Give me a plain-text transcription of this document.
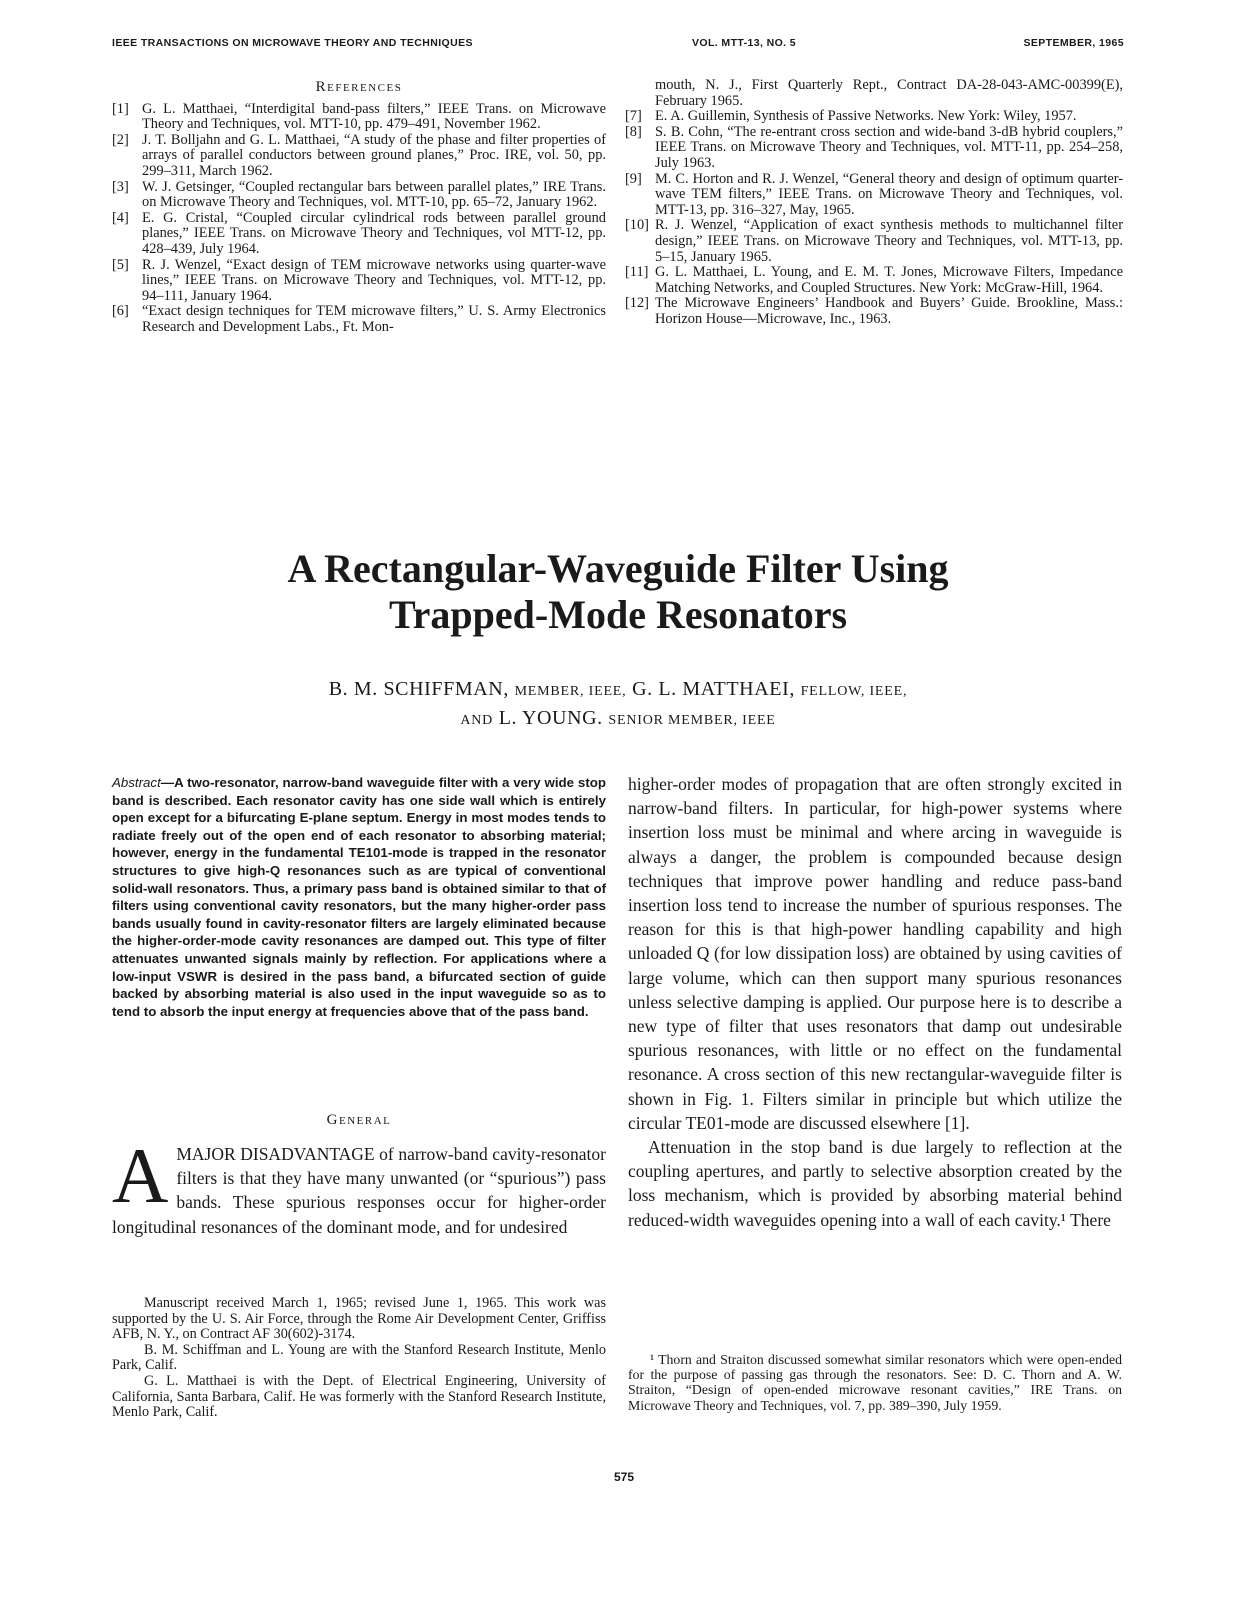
IEEE TRANSACTIONS ON MICROWAVE THEORY AND TECHNIQUES	VOL. MTT-13, NO. 5	SEPTEMBER, 1965
References
[1] G. L. Matthaei, “Interdigital band-pass filters,” IEEE Trans. on Microwave Theory and Techniques, vol. MTT-10, pp. 479–491, November 1962.
[2] J. T. Bolljahn and G. L. Matthaei, “A study of the phase and filter properties of arrays of parallel conductors between ground planes,” Proc. IRE, vol. 50, pp. 299–311, March 1962.
[3] W. J. Getsinger, “Coupled rectangular bars between parallel plates,” IRE Trans. on Microwave Theory and Techniques, vol. MTT-10, pp. 65–72, January 1962.
[4] E. G. Cristal, “Coupled circular cylindrical rods between parallel ground planes,” IEEE Trans. on Microwave Theory and Techniques, vol MTT-12, pp. 428–439, July 1964.
[5] R. J. Wenzel, “Exact design of TEM microwave networks using quarter-wave lines,” IEEE Trans. on Microwave Theory and Techniques, vol. MTT-12, pp. 94–111, January 1964.
[6] “Exact design techniques for TEM microwave filters,” U. S. Army Electronics Research and Development Labs., Ft. Mon-
mouth, N. J., First Quarterly Rept., Contract DA-28-043-AMC-00399(E), February 1965.
[7] E. A. Guillemin, Synthesis of Passive Networks. New York: Wiley, 1957.
[8] S. B. Cohn, “The re-entrant cross section and wide-band 3-dB hybrid couplers,” IEEE Trans. on Microwave Theory and Techniques, vol. MTT-11, pp. 254–258, July 1963.
[9] M. C. Horton and R. J. Wenzel, “General theory and design of optimum quarter-wave TEM filters,” IEEE Trans. on Microwave Theory and Techniques, vol. MTT-13, pp. 316–327, May, 1965.
[10] R. J. Wenzel, “Application of exact synthesis methods to multichannel filter design,” IEEE Trans. on Microwave Theory and Techniques, vol. MTT-13, pp. 5–15, January 1965.
[11] G. L. Matthaei, L. Young, and E. M. T. Jones, Microwave Filters, Impedance Matching Networks, and Coupled Structures. New York: McGraw-Hill, 1964.
[12] The Microwave Engineers’ Handbook and Buyers’ Guide. Brookline, Mass.: Horizon House—Microwave, Inc., 1963.
A Rectangular-Waveguide Filter Using
Trapped-Mode Resonators
B. M. SCHIFFMAN, MEMBER, IEEE, G. L. MATTHAEI, FELLOW, IEEE,
AND L. YOUNG. SENIOR MEMBER, IEEE
Abstract—A two-resonator, narrow-band waveguide filter with a very wide stop band is described. Each resonator cavity has one side wall which is entirely open except for a bifurcating E-plane septum. Energy in most modes tends to radiate freely out of the open end of each resonator to absorbing material; however, energy in the fundamental TE101-mode is trapped in the resonator structures to give high-Q resonances such as are typical of conventional solid-wall resonators. Thus, a primary pass band is obtained similar to that of filters using conventional cavity resonators, but the many higher-order pass bands usually found in cavity-resonator filters are largely eliminated because the higher-order-mode cavity resonances are damped out. This type of filter attenuates unwanted signals mainly by reflection. For applications where a low-input VSWR is desired in the pass band, a bifurcated section of guide backed by absorbing material is also used in the input waveguide so as to tend to absorb the input energy at frequencies above that of the pass band.
General
AMAJOR DISADVANTAGE of narrow-band cavity-resonator filters is that they have many unwanted (or “spurious”) pass bands. These spurious responses occur for higher-order longitudinal resonances of the dominant mode, and for undesired

Manuscript received March 1, 1965; revised June 1, 1965. This work was supported by the U. S. Air Force, through the Rome Air Development Center, Griffiss AFB, N. Y., on Contract AF 30(602)-3174.

B. M. Schiffman and L. Young are with the Stanford Research Institute, Menlo Park, Calif.

G. L. Matthaei is with the Dept. of Electrical Engineering, University of California, Santa Barbara, Calif. He was formerly with the Stanford Research Institute, Menlo Park, Calif.

higher-order modes of propagation that are often strongly excited in narrow-band filters. In particular, for high-power systems where insertion loss must be minimal and where arcing in waveguide is always a danger, the problem is compounded because design techniques that improve power handling and reduce pass-band insertion loss tend to increase the number of spurious responses. The reason for this is that high-power handling capability and high unloaded Q (for low dissipation loss) are obtained by using cavities of large volume, which can then support many spurious resonances unless selective damping is applied. Our purpose here is to describe a new type of filter that uses resonators that damp out undesirable spurious resonances, with little or no effect on the fundamental resonance. A cross section of this new rectangular-waveguide filter is shown in Fig. 1. Filters similar in principle but which utilize the circular TE01-mode are discussed elsewhere [1].

Attenuation in the stop band is due largely to reflection at the coupling apertures, and partly to selective absorption created by the loss mechanism, which is provided by absorbing material behind reduced-width waveguides opening into a wall of each cavity.¹ There

¹ Thorn and Straiton discussed somewhat similar resonators which were open-ended for the purpose of passing gas through the resonators. See: D. C. Thorn and A. W. Straiton, “Design of open-ended microwave resonant cavities,” IRE Trans. on Microwave Theory and Techniques, vol. 7, pp. 389–390, July 1959.

575
